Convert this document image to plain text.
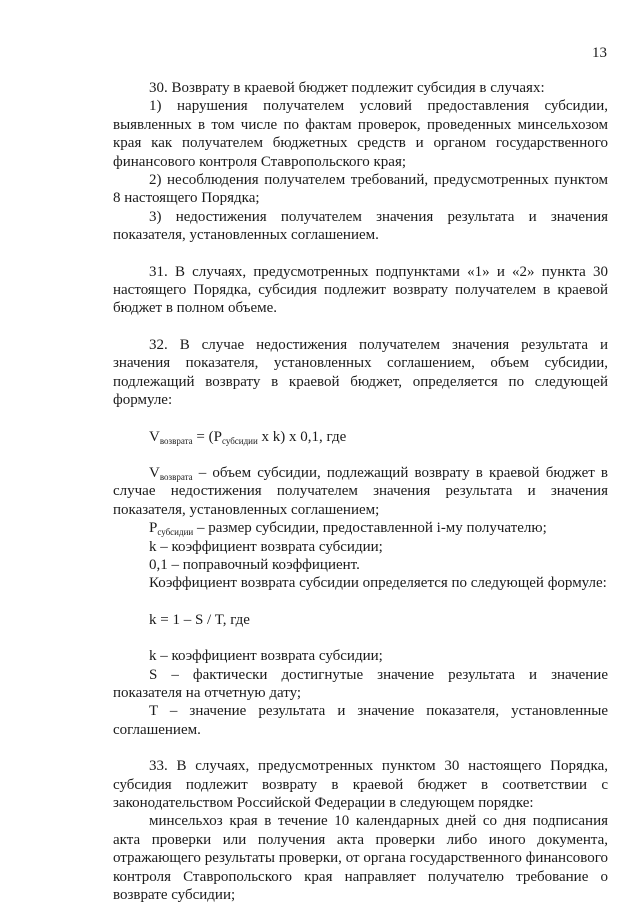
13

30. Возврату в краевой бюджет подлежит субсидия в случаях:

1) нарушения получателем условий предоставления субсидии, выявленных в том числе по фактам проверок, проведенных минсельхозом края как получателем бюджетных средств и органом государственного финансового контроля Ставропольского края;

2) несоблюдения получателем требований, предусмотренных пунктом 8 настоящего Порядка;

3) недостижения получателем значения результата и значения показателя, установленных соглашением.

31. В случаях, предусмотренных подпунктами «1» и «2» пункта 30 настоящего Порядка, субсидия подлежит возврату получателем в краевой бюджет в полном объеме.

32. В случае недостижения получателем значения результата и значения показателя, установленных соглашением, объем субсидии, подлежащий возврату в краевой бюджет, определяется по следующей формуле:

$V_{возврата} = (P_{субсидии}$ x k) x 0,1, где

$V_{возврата}$ – объем субсидии, подлежащий возврату в краевой бюджет в случае недостижения получателем значения результата и значения показателя, установленных соглашением;

$P_{субсидии}$ – размер субсидии, предоставленной i-му получателю;

k – коэффициент возврата субсидии;

0,1 – поправочный коэффициент.

Коэффициент возврата субсидии определяется по следующей формуле:

k = 1 – S / T, где

k – коэффициент возврата субсидии;

S – фактически достигнутые значение результата и значение показателя на отчетную дату;

T – значение результата и значение показателя, установленные соглашением.

33. В случаях, предусмотренных пунктом 30 настоящего Порядка, субсидия подлежит возврату в краевой бюджет в соответствии с законодательством Российской Федерации в следующем порядке:

минсельхоз края в течение 10 календарных дней со дня подписания акта проверки или получения акта проверки либо иного документа, отражающего результаты проверки, от органа государственного финансового контроля Ставропольского края направляет получателю требование о возврате субсидии;
